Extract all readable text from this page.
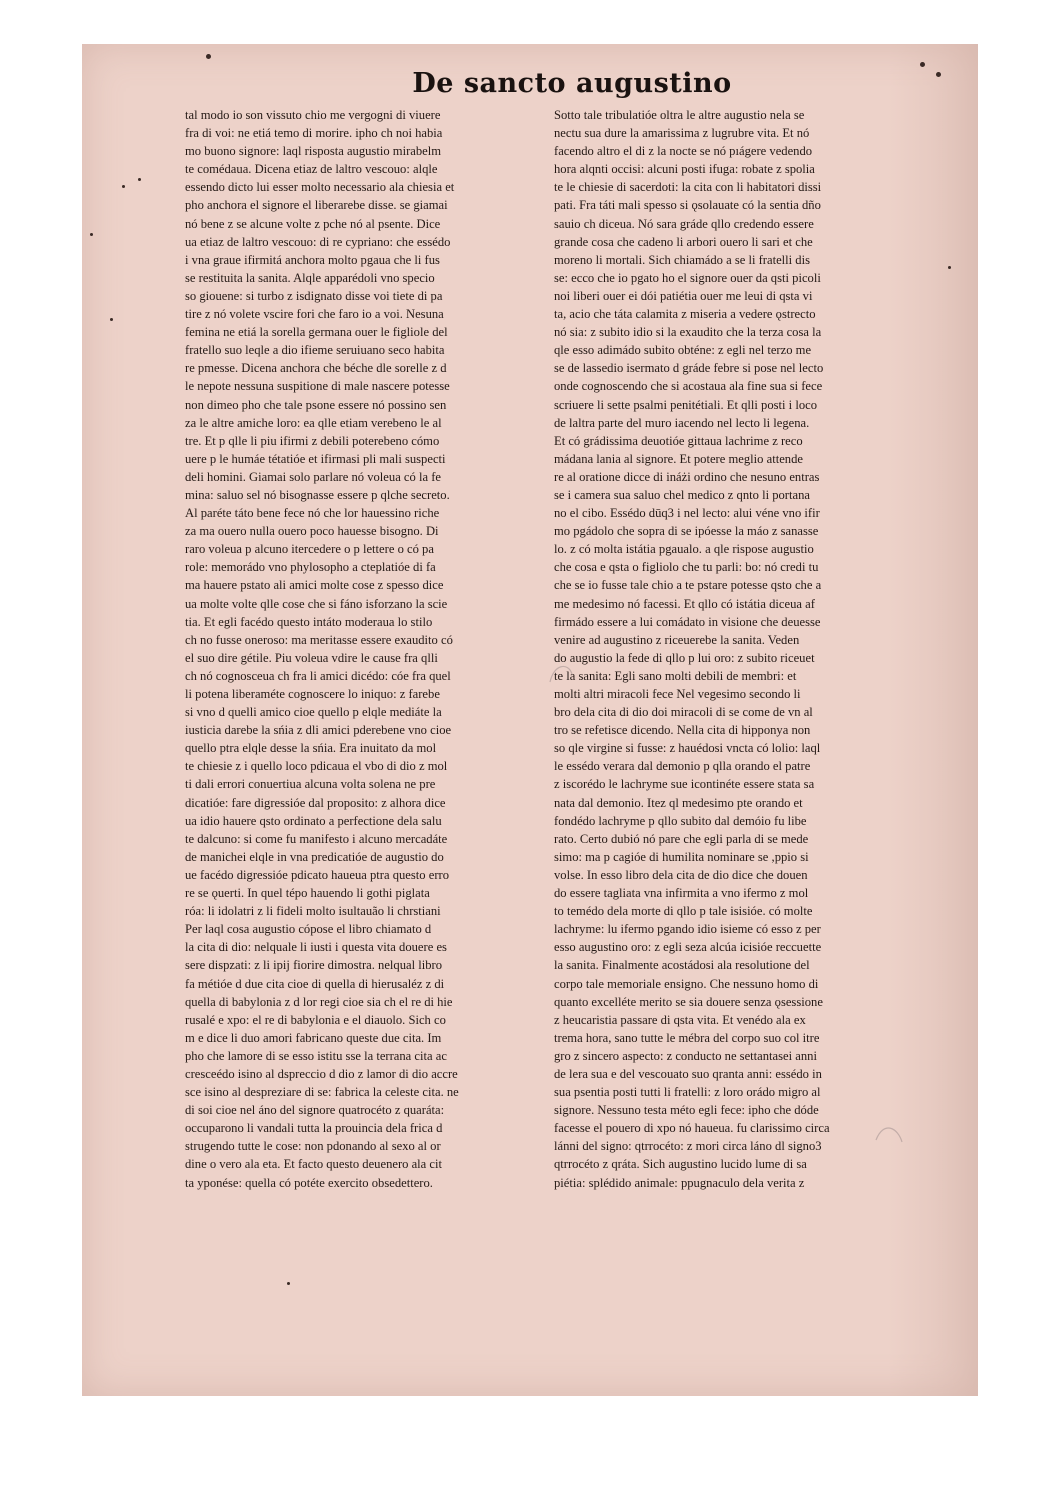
De sancto augustino
tal modo io son vissuto chio me vergogni di viuere
fra di voi: ne etiá temo di morire. ipho ch noi habia
mo buono signore: laql risposta augustio mirabelm
te comédaua. Dicena etiaz de laltro vescouo: alqle
essendo dicto lui esser molto necessario ala chiesia et
pho anchora el signore el liberarebe disse. se giamai
nó bene z se alcune volte z pche nó al psente. Dice
ua etiaz de laltro vescouo: di re cypriano: che essédo
i vna graue ifirmitá anchora molto pgaua che li fus
se restituita la sanita. Alqle apparédoli vno specio
so giouene: si turbo z isdignato disse voi tiete di pa
tire z nó volete vscire fori che faro io a voi. Nesuna
femina ne etiá la sorella germana ouer le figliole del
fratello suo leqle a dio ifieme seruiuano seco habita
re pmesse. Dicena anchora che béche dle sorelle z d
le nepote nessuna suspitione di male nascere potesse
non dimeo pho che tale psone essere nó possino sen
za le altre amiche loro: ea qlle etiam verebeno le al
tre. Et p qlle li piu ifirmi z debili poterebeno cómo
uere p le humáe tétatióe et ifirmasi pli mali suspecti
deli homini. Giamai solo parlare nó voleua có la fe
mina: saluo sel nó bisognasse essere p qlche secreto.
Al paréte táto bene fece nó che lor hauessino riche
za ma ouero nulla ouero poco hauesse bisogno. Di
raro voleua p alcuno itercedere o p lettere o có pa
role: memorádo vno phylosopho a cteplatióe di fa
ma hauere pstato ali amici molte cose z spesso dice
ua molte volte qlle cose che si fáno isforzano la scie
tia. Et egli facédo questo intáto moderaua lo stilo
ch no fusse oneroso: ma meritasse essere exaudito có
el suo dire gétile. Piu voleua vdire le cause fra qlli
ch nó cognosceua ch fra li amici dicédo: cóe fra quel
li potena liberaméte cognoscere lo iniquo: z farebe
si vno d quelli amico cioe quello p elqle mediáte la
iusticia darebe la sńia z dli amici pderebene vno cioe
quello ptra elqle desse la sńia. Era inuitato da mol
te chiesie z i quello loco pdicaua el vbo di dio z mol
ti dali errori conuertiua alcuna volta solena ne pre
dicatióe: fare digressióe dal proposito: z alhora dice
ua idio hauere qsto ordinato a perfectione dela salu
te dalcuno: si come fu manifesto i alcuno mercadáte
de manichei elqle in vna predicatióe de augustio do
ue facédo digressióe pdicato haueua ptra questo erro
re se ǫuerti. In quel tépo hauendo li gothi piglata
róa: li idolatri z li fideli molto isultauão li chrstiani
Per laql cosa augustio cópose el libro chiamato d
la cita di dio: nelquale li iusti i questa vita douere es
sere dispzati: z li ipij fiorire dimostra. nelqual libro
fa métióe d due cita cioe di quella di hierusaléz z di
quella di babylonia z d lor regi cioe sia ch el re di hie
rusalé e xpo: el re di babylonia e el diauolo. Sich co
m e dice li duo amori fabricano queste due cita. Im
pho che lamore di se esso istitu sse la terrana cita ac
cresceédo isino al dspreccio d dio z lamor di dio accre
sce isino al despreziare di se: fabrica la celeste cita. ne
di soi cioe nel áno del signore quatrocéto z quaráta:
occuparono li vandali tutta la prouincia dela frica d
strugendo tutte le cose: non pdonando al sexo al or
dine o vero ala eta. Et facto questo deuenero ala cit
ta yponése: quella có potéte exercito obsedettero.
Sotto tale tribulatióe oltra le altre augustio nela se
nectu sua dure la amarissima z lugrubre vita. Et nó
facendo altro el di z la nocte se nó pıágere vedendo
hora alqnti occisi: alcuni posti ifuga: robate z spolia
te le chiesie di sacerdoti: la cita con li habitatori dissi
pati. Fra táti mali spesso si ǫsolauate có la sentia dño
sauio ch diceua. Nó sara gráde qllo credendo essere
grande cosa che cadeno li arbori ouero li sari et che
moreno li mortali. Sich chiamádo a se li fratelli dis
se: ecco che io pgato ho el signore ouer da qsti picoli
noi liberi ouer ei dói patiétia ouer me leui di qsta vi
ta, acio che táta calamita z miseria a vedere ǫstrecto
nó sia: z subito idio si la exaudito che la terza cosa la
qle esso adimádo subito obténe: z egli nel terzo me
se de lassedio isermato d gráde febre si pose nel lecto
onde cognoscendo che si acostaua ala fine sua si fece
scriuere li sette psalmi penitétiali. Et qlli posti i loco
de laltra parte del muro iacendo nel lecto li legena.
Et có grádissima deuotióe gittaua lachrime z reco
mádana lania al signore. Et potere meglio attende
re al oratione dicce di ináżi ordino che nesuno entras
se i camera sua saluo chel medico z qnto li portana
no el cibo. Essédo dūq3 i nel lecto: alui véne vno ifir
mo pgádolo che sopra di se ipóesse la máo z sanasse
lo. z có molta istátia pgaualo. a qle rispose augustio
che cosa e qsta o figliolo che tu parli: bo: nó credi tu
che se io fusse tale chio a te pstare potesse qsto che a
me medesimo nó facessi. Et qllo có istátia diceua af
firmádo essere a lui comádato in visione che deuesse
venire ad augustino z riceuerebe la sanita. Veden
do augustio la fede di qllo p lui oro: z subito riceuet
te la sanita: Egli sano molti debili de membri: et
molti altri miracoli fece Nel vegesimo secondo li
bro dela cita di dio doi miracoli di se come de vn al
tro se refetisce dicendo. Nella cita di hipponya non
so qle virgine si fusse: z hauédosi vncta có lolio: laql
le essédo verara dal demonio p qlla orando el patre
z iscorédo le lachryme sue icontinéte essere stata sa
nata dal demonio. Itez ql medesimo pte orando et
fondédo lachryme p qllo subito dal demóio fu libe
rato. Certo dubió nó pare che egli parla di se mede
simo: ma p cagióe di humilita nominare se ,ppio si
volse. In esso libro dela cita de dio dice che douen
do essere tagliata vna infirmita a vno ifermo z mol
to temédo dela morte di qllo p tale isisióe. có molte
lachryme: lu ifermo pgando idio isieme có esso z per
esso augustino oro: z egli seza alcúa icisióe reccuette
la sanita. Finalmente acostádosi ala resolutione del
corpo tale memoriale ensigno. Che nessuno homo di
quanto excelléte merito se sia douere senza ǫsessione
z heucaristia passare di qsta vita. Et venédo ala ex
trema hora, sano tutte le mébra del corpo suo col itre
gro z sincero aspecto: z conducto ne settantasei anni
de lera sua e del vescouato suo qranta anni: essédo in
sua psentia posti tutti li fratelli: z loro orádo migro al
signore. Nessuno testa méto egli fece: ipho che dóde
facesse el pouero di xpo nó haueua. fu clarissimo circa
lánni del signo: qtrrocéto: z mori circa láno dl signo3
qtrrocéto z qráta. Sich augustino lucido lume di sa
piétia: splédido animale: ppugnaculo dela verita z
